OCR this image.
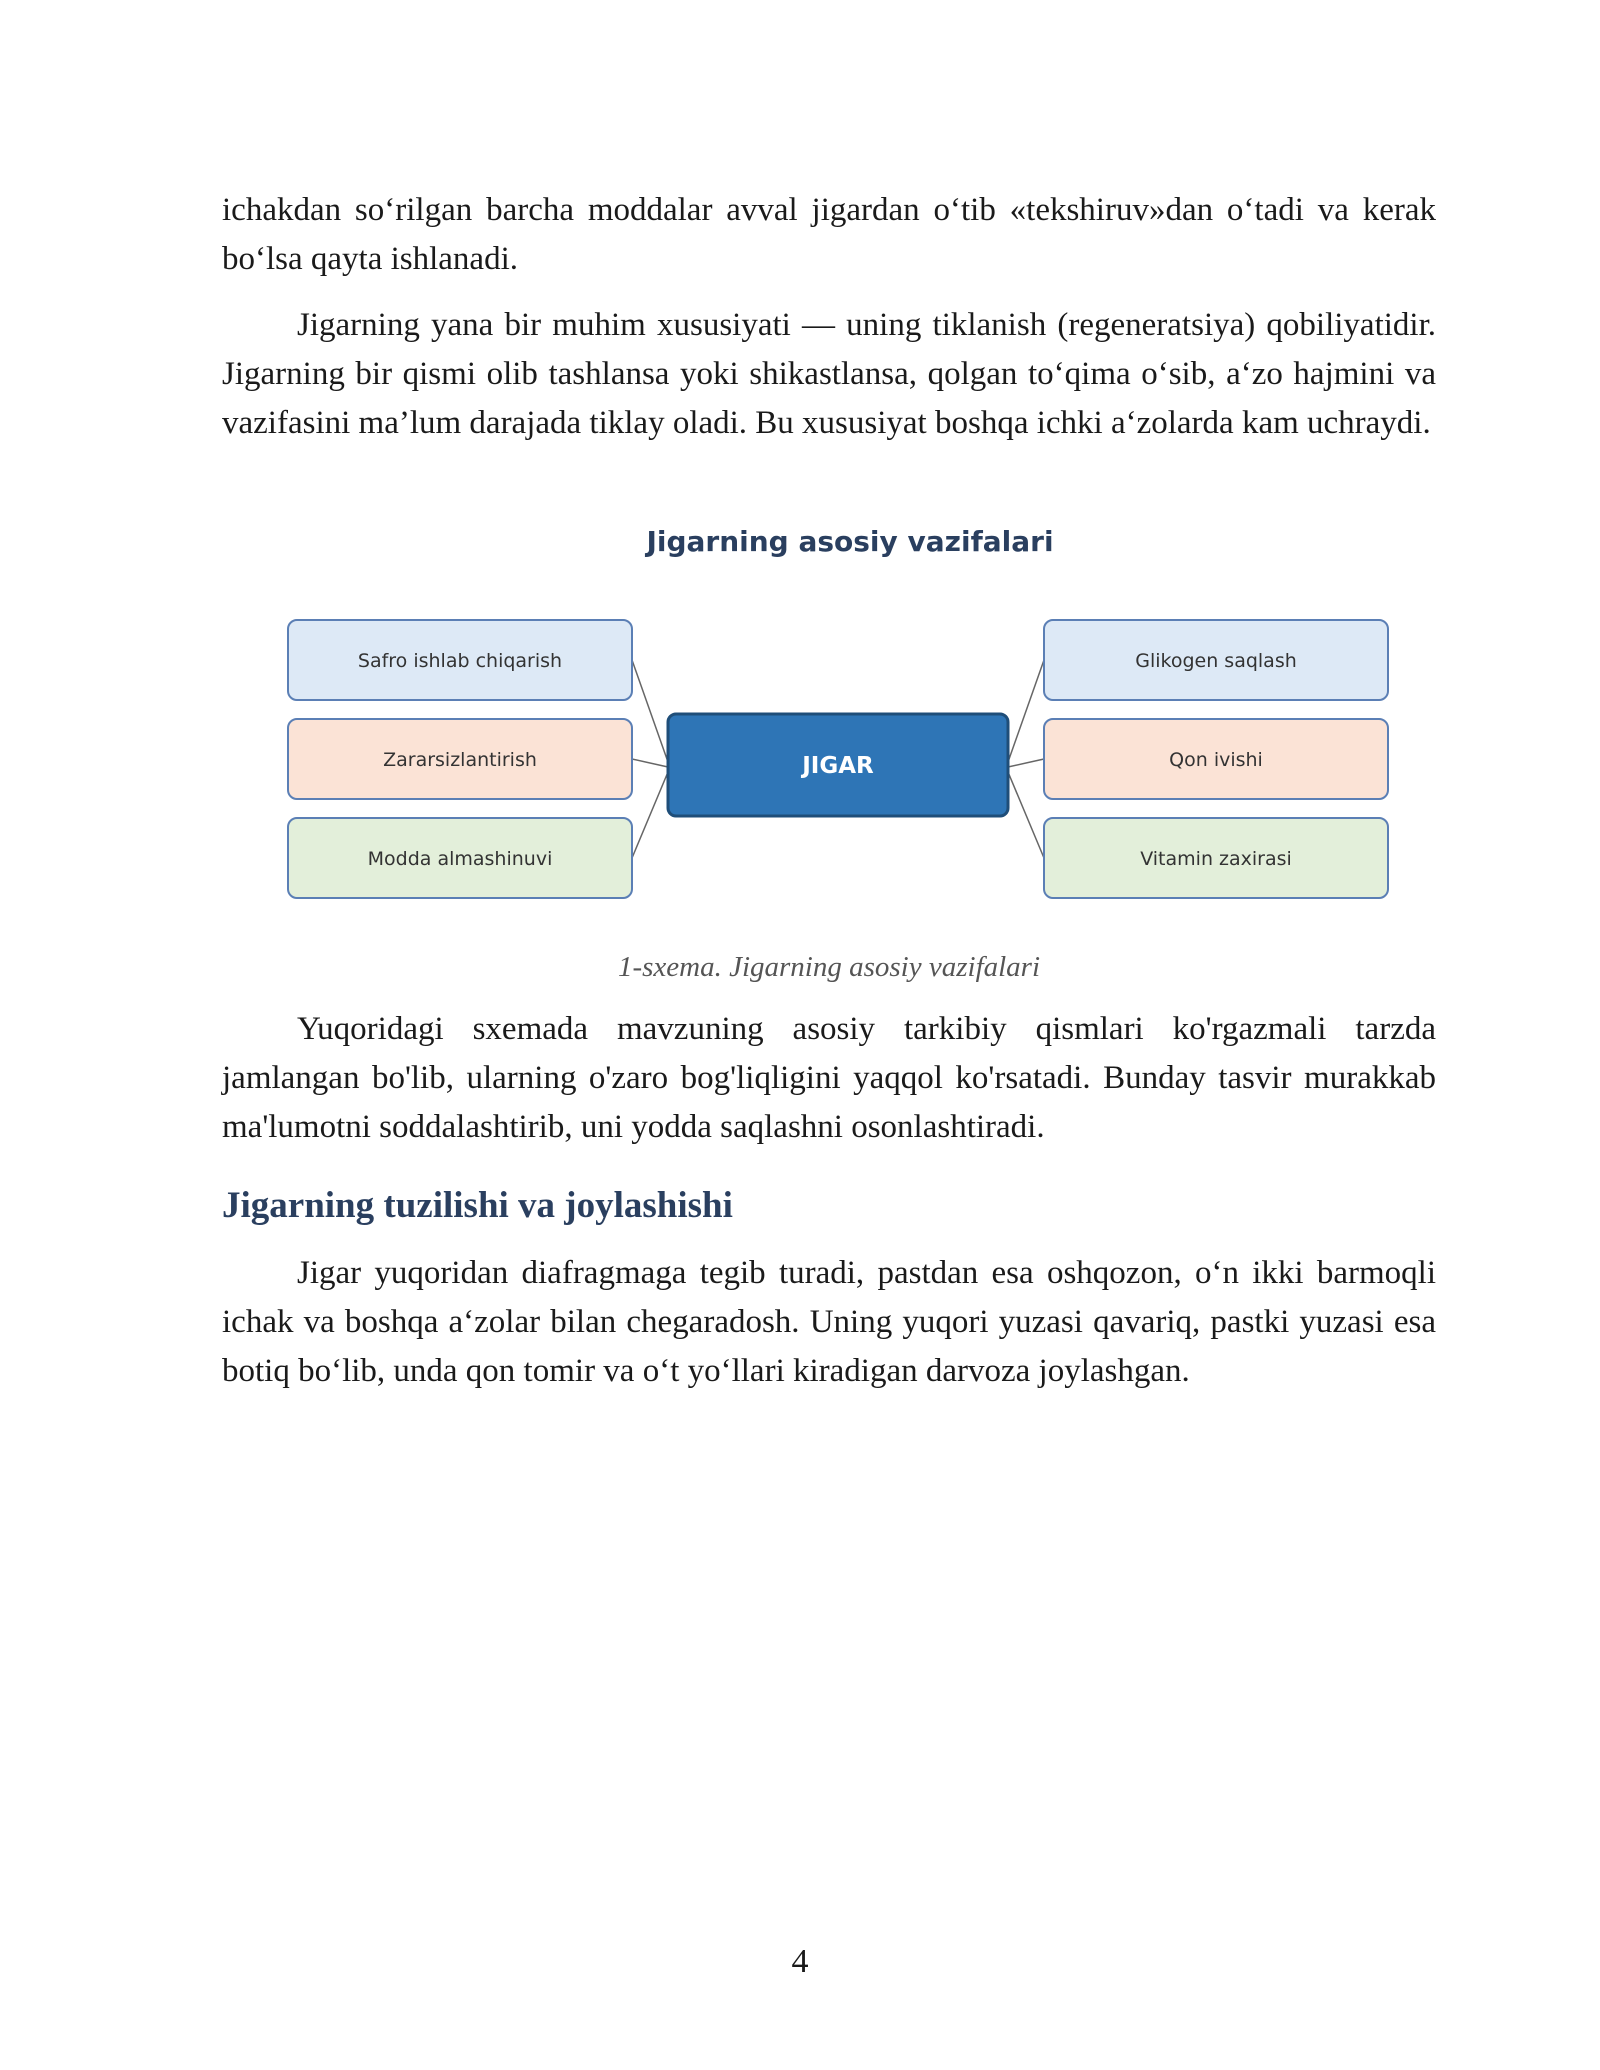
ichakdan so‘rilgan barcha moddalar avval jigardan o‘tib «tekshiruv»dan o‘tadi va kerak bo‘lsa qayta ishlanadi.

Jigarning yana bir muhim xususiyati — uning tiklanish (regeneratsiya) qobiliyatidir. Jigarning bir qismi olib tashlansa yoki shikastlansa, qolgan to‘qima o‘sib, a‘zo hajmini va vazifasini ma’lum darajada tiklay oladi. Bu xususiyat boshqa ichki a‘zolarda kam uchraydi.

Jigarning asosiy vazifalari
Safro ishlab chiqarish
Zararsizlantirish
Modda almashinuvi
JIGAR
Glikogen saqlash
Qon ivishi
Vitamin zaxirasi

1-sxema. Jigarning asosiy vazifalari

Yuqoridagi sxemada mavzuning asosiy tarkibiy qismlari ko'rgazmali tarzda jamlangan bo'lib, ularning o'zaro bog'liqligini yaqqol ko'rsatadi. Bunday tasvir murakkab ma'lumotni soddalashtirib, uni yodda saqlashni osonlashtiradi.

Jigarning tuzilishi va joylashishi

Jigar yuqoridan diafragmaga tegib turadi, pastdan esa oshqozon, o‘n ikki barmoqli ichak va boshqa a‘zolar bilan chegaradosh. Uning yuqori yuzasi qavariq, pastki yuzasi esa botiq bo‘lib, unda qon tomir va o‘t yo‘llari kiradigan darvoza joylashgan.

4
